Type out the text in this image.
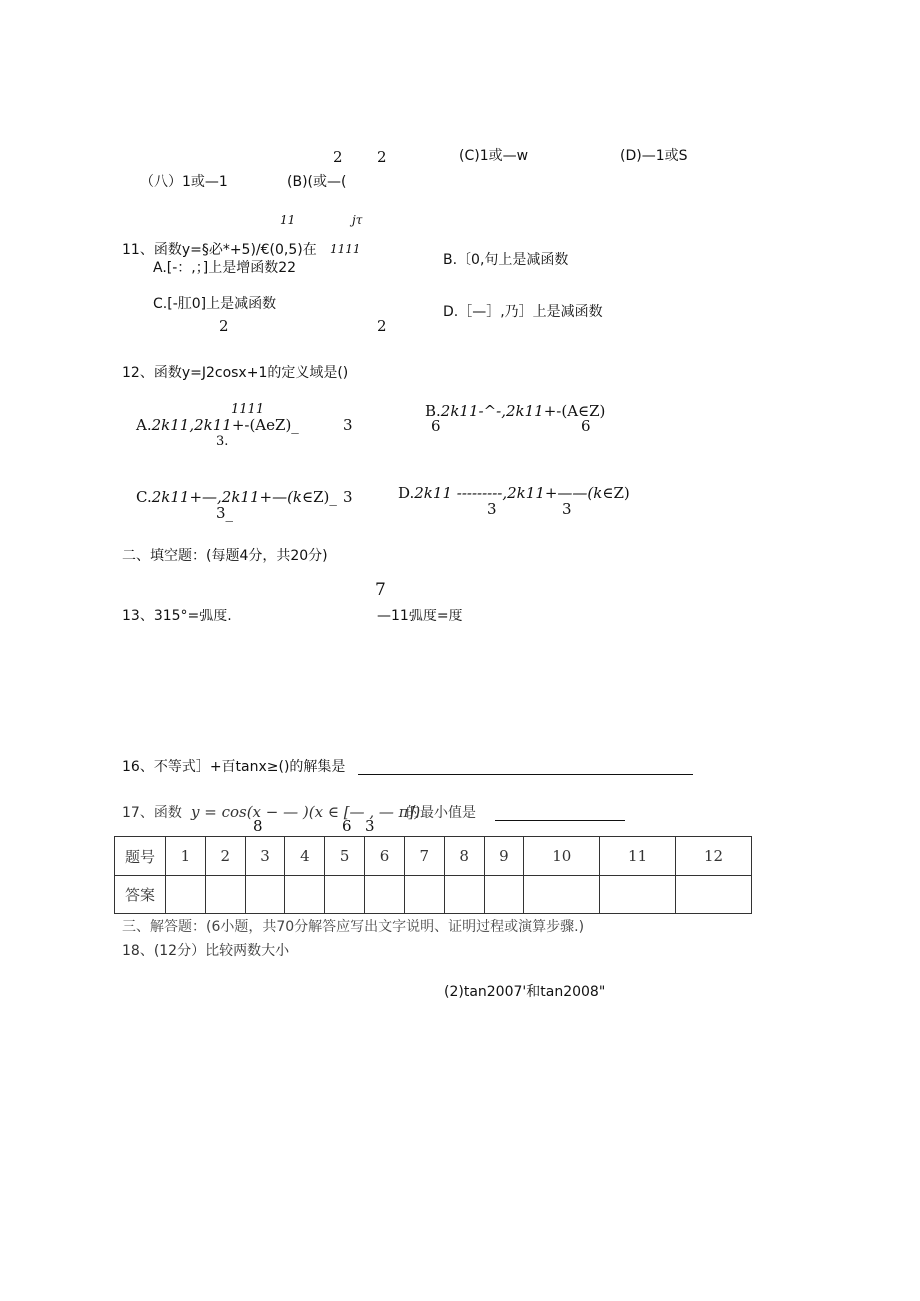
2 2	(C)1或—w	(D)—1或S
（八）1或—1	(B)(或—(
11	jτ
11、函数y=§必*+5)∕€(0,5)在 1111
A.[-：,；]上是增函数22	B.〔0,句上是减函数
C.[-肛0]上是减函数	D.［—］,乃］上是减函数
2	2
12、函数y=J2cosx+1的定义域是()
1111
A.2k11,2k11+-(AeZ)_
3.
3
B.2k11-^-,2k11+-(A∈Z)
6	6
C.2k11+—,2k11+—(k∈Z)_ 3
3_
D.2k11 ---------,2k11+——(k∈Z)
3	3
二、填空题：(每题4分，共20分)
7
13、315°=弧度.	—11弧度=度
16、不等式］+百tanx≥()的解集是
17、函数 y = cos(x − — )(x ∈ [— , — π])
的最小值是
8	6 3
题号	1	2	3	4	5	6	7	8	9	10	11	12
答案												
三、解答题：(6小题，共70分解答应写出文字说明、证明过程或演算步骤.)
18、(12分）比较两数大小
(2)tan2007'和tan2008"
